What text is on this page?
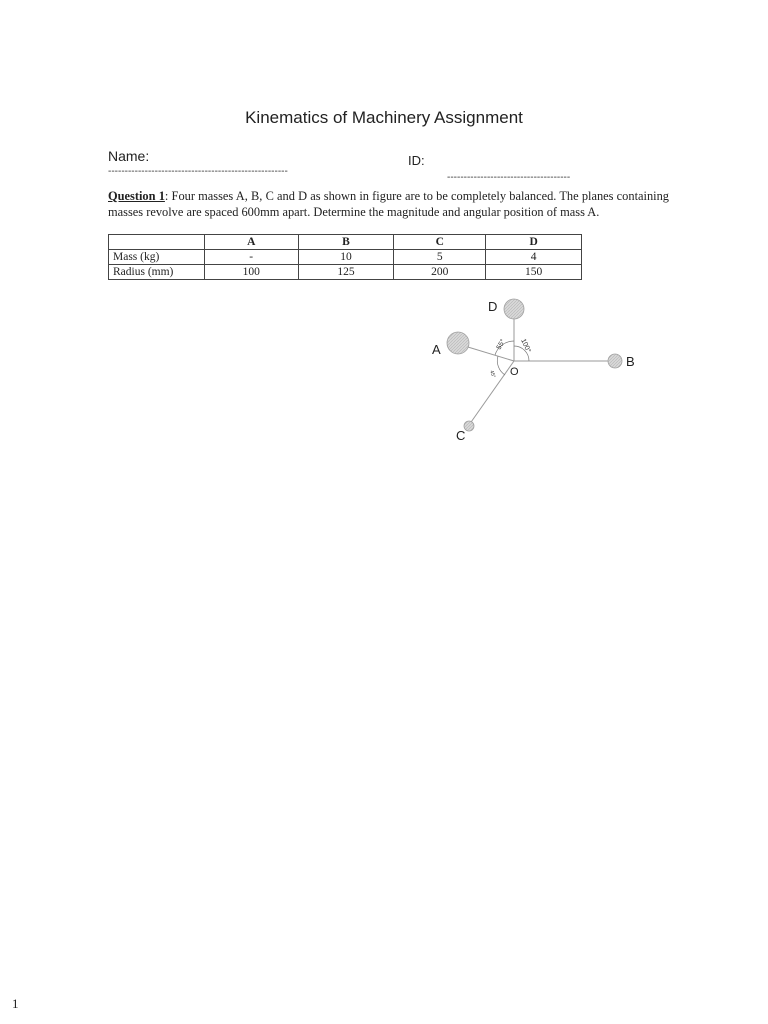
Kinematics of Machinery Assignment
Name:
------------------------------------------------------
ID:
-------------------------------------
Question 1: Four masses A, B, C and D as shown in figure are to be completely balanced. The planes containing masses revolve are spaced 600mm apart. Determine the magnitude and angular position of mass A.
	A	B	C	D
Mass (kg)	-	10	5	4
Radius (mm)	100	125	200	150
D
A
B
C
O
55° 100°
45°
1
